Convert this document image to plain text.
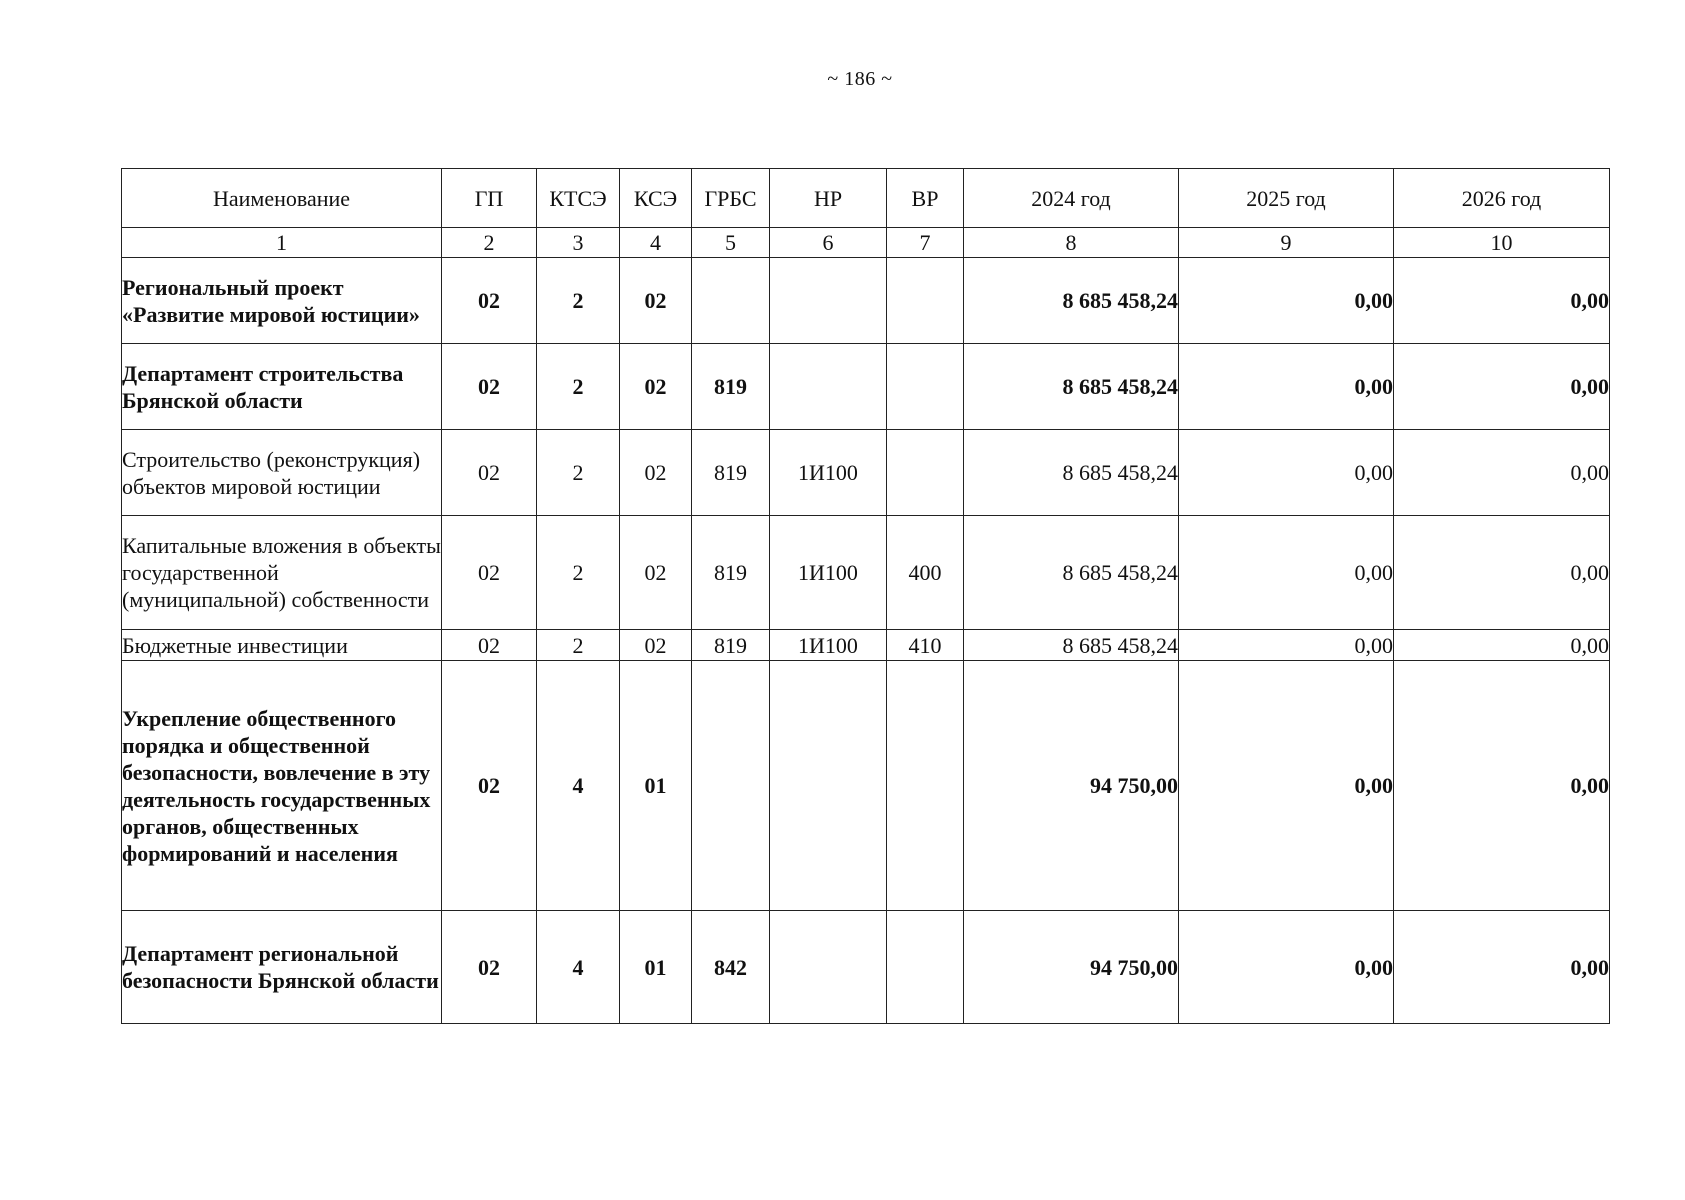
~ 186 ~
Наименование	ГП	КТСЭ	КСЭ	ГРБС	НР	ВР	2024 год	2025 год	2026 год
1	2	3	4	5	6	7	8	9	10
Региональный проект «Развитие мировой юстиции»	02	2	02				8 685 458,24	0,00	0,00
Департамент строительства Брянской области	02	2	02	819			8 685 458,24	0,00	0,00
Строительство (реконструкция) объектов мировой юстиции	02	2	02	819	1И100		8 685 458,24	0,00	0,00
Капитальные вложения в объекты государственной (муниципальной) собственности	02	2	02	819	1И100	400	8 685 458,24	0,00	0,00
Бюджетные инвестиции	02	2	02	819	1И100	410	8 685 458,24	0,00	0,00
Укрепление общественного порядка и общественной безопасности, вовлечение в эту деятельность государственных органов, общественных формирований и населения	02	4	01				94 750,00	0,00	0,00
Департамент региональной безопасности Брянской области	02	4	01	842			94 750,00	0,00	0,00
